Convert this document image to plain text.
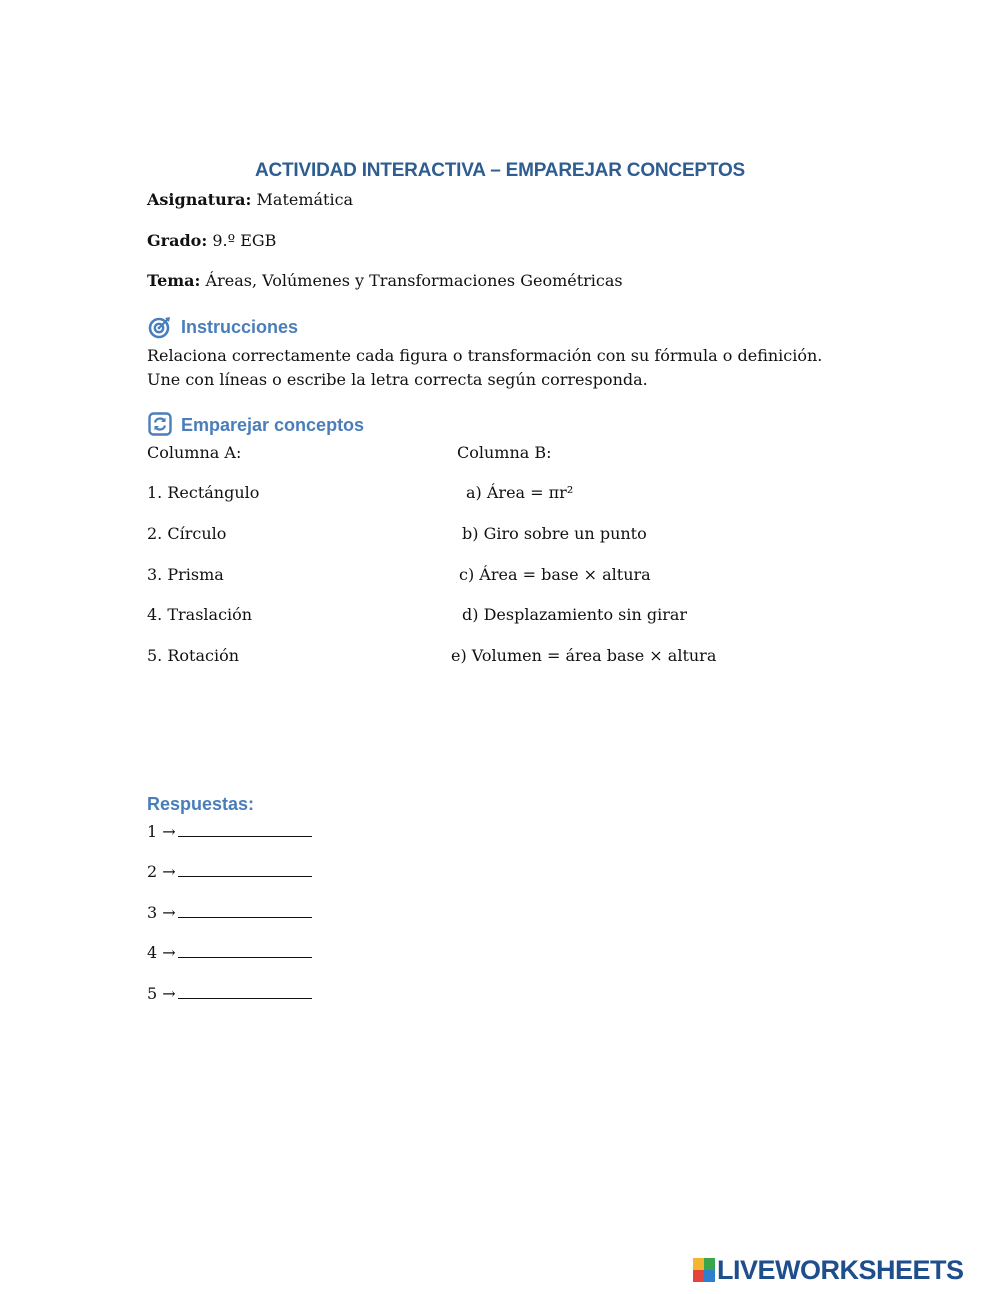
ACTIVIDAD INTERACTIVA – EMPAREJAR CONCEPTOS
Asignatura: Matemática
Grado: 9.º EGB
Tema: Áreas, Volúmenes y Transformaciones Geométricas
Instrucciones
Relaciona correctamente cada figura o transformación con su fórmula o definición. Une con líneas o escribe la letra correcta según corresponda.
Emparejar conceptos
Columna A:	Columna B:
1. Rectángulo
2. Círculo
3. Prisma
4. Traslación
5. Rotación
a) Área = πr²
b) Giro sobre un punto
c) Área = base × altura
d) Desplazamiento sin girar
e) Volumen = área base × altura
Respuestas:
1 →
2 →
3 →
4 →
5 →
LIVEWORKSHEETS
